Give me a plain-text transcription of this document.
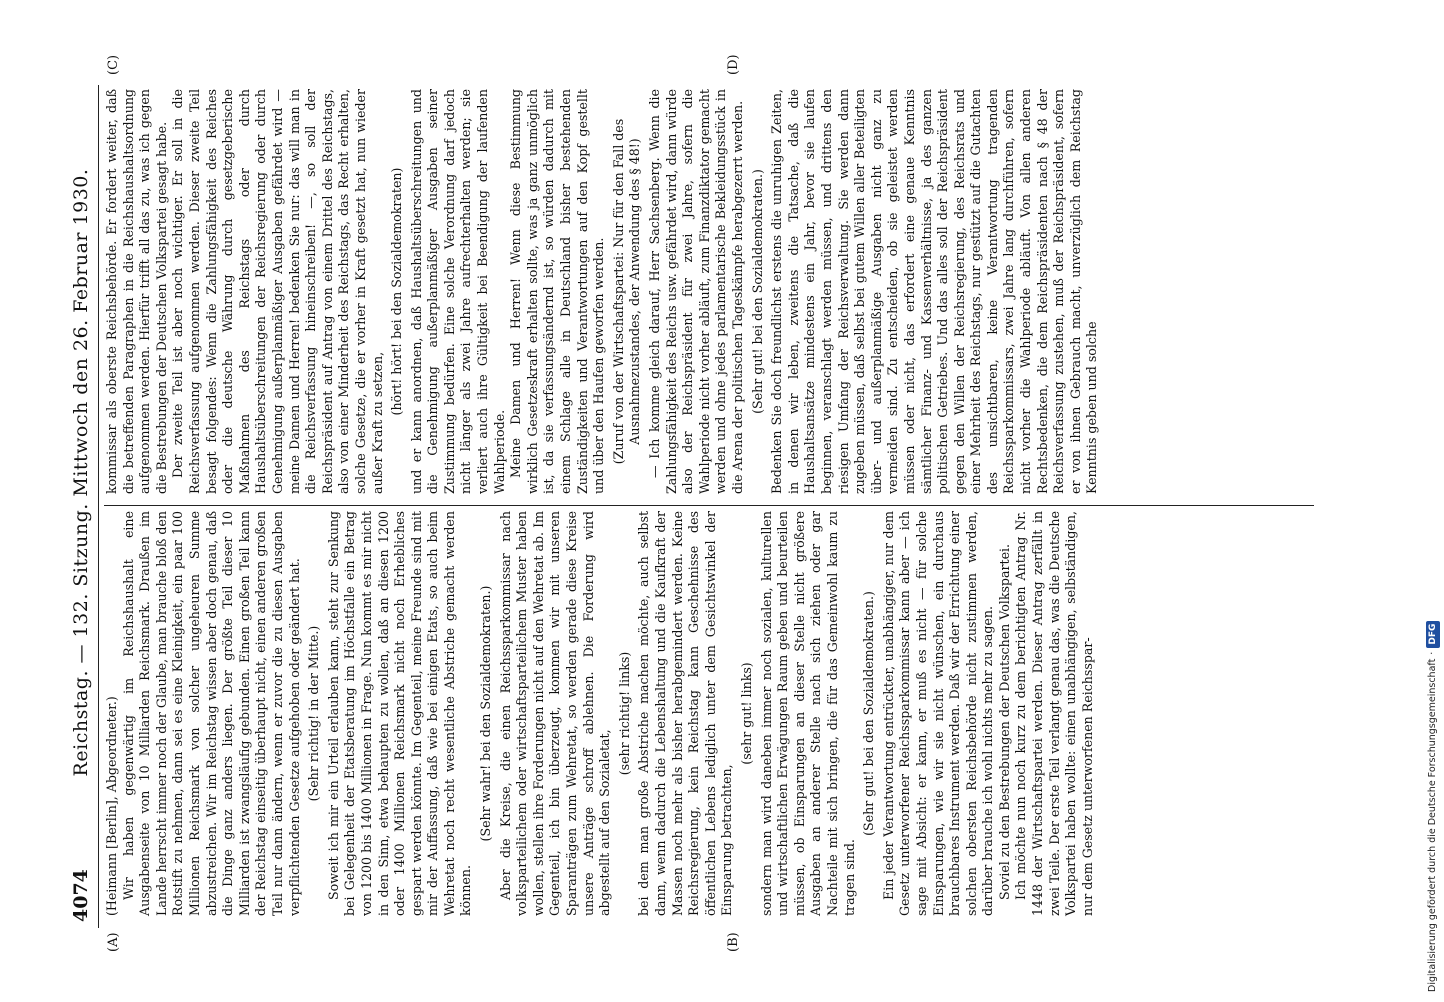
4074
Reichstag. — 132. Sitzung. Mittwoch den 26. Februar 1930.
(A)	(B)
(C)	(D)

(Heimann [Berlin], Abgeordneter.) Wir haben gegenwärtig im Reichshaushalt eine Ausgabenseite von 10 Milliarden Reichsmark. Draußen im Lande herrscht immer noch der Glaube, man brauche bloß den Rotstift zu nehmen, dann sei es eine Kleinigkeit, ein paar 100 Millionen Reichsmark von solcher ungeheuren Summe abzustreichen. Wir im Reichstag wissen aber doch genau, daß die Dinge ganz anders liegen. Der größte Teil dieser 10 Milliarden ist zwangsläufig gebunden. Einen großen Teil kann der Reichstag einseitig überhaupt nicht, einen anderen großen Teil nur dann ändern, wenn er zuvor die zu diesen Ausgaben verpflichtenden Gesetze aufgehoben oder geändert hat. (Sehr richtig! in der Mitte.) Soweit ich mir ein Urteil erlauben kann, steht zur Senkung bei Gelegenheit der Etatsberatung im Höchstfalle ein Betrag von 1200 bis 1400 Millionen in Frage. Nun kommt es mir nicht in den Sinn, etwa behaupten zu wollen, daß an diesen 1200 oder 1400 Millionen Reichsmark nicht noch Erhebliches gespart werden könnte. Im Gegenteil, meine Freunde sind mit mir der Auffassung, daß wie bei einigen Etats, so auch beim Wehretat noch recht wesentliche Abstriche gemacht werden können.

(Sehr wahr! bei den Sozialdemokraten.) Aber die Kreise, die einen Reichssparkommissar nach volksparteilichem oder wirtschaftsparteilichem Muster haben wollen, stellen ihre Forderungen nicht auf den Wehretat ab. Im Gegenteil, ich bin überzeugt, kommen wir mit unseren Sparanträgen zum Wehretat, so werden gerade diese Kreise unsere Anträge schroff ablehnen. Die Forderung wird abgestellt auf den Sozialetat,

(sehr richtig! links) bei dem man große Abstriche machen möchte, auch selbst dann, wenn dadurch die Lebenshaltung und die Kaufkraft der Massen noch mehr als bisher herabgemindert werden. Keine Reichsregierung, kein Reichstag kann Geschehnisse des öffentlichen Lebens lediglich unter dem Gesichtswinkel der Einsparung betrachten,

(sehr gut! links) sondern man wird daneben immer noch sozialen, kulturellen und wirtschaftlichen Erwägungen Raum geben und beurteilen müssen, ob Einsparungen an dieser Stelle nicht größere Ausgaben an anderer Stelle nach sich ziehen oder gar Nachteile mit sich bringen, die für das Gemeinwohl kaum zu tragen sind.

(Sehr gut! bei den Sozialdemokraten.) Ein jeder Verantwortung entrückter, unabhängiger, nur dem Gesetz unterworfener Reichssparkommissar kann aber — ich sage mit Absicht: er kann, er muß es nicht — für solche Einsparungen, wie wir sie nicht wünschen, ein durchaus brauchbares Instrument werden. Daß wir der Errichtung einer solchen obersten Reichsbehörde nicht zustimmen werden, darüber brauche ich wohl nichts mehr zu sagen. Soviel zu den Bestrebungen der Deutschen Volkspartei. Ich möchte nun noch kurz zu dem berichtigten Antrag Nr. 1448 der Wirtschaftspartei werden. Dieser Antrag zerfällt in zwei Teile. Der erste Teil verlangt genau das, was die Deutsche Volkspartei haben wollte: einen unabhängigen, selbständigen, nur dem Gesetz unterworfenen Reichsspar-

kommissar als oberste Reichsbehörde. Er fordert weiter, daß die betreffenden Paragraphen in die Reichshaushaltsordnung aufgenommen werden. Hierfür trifft all das zu, was ich gegen die Bestrebungen der Deutschen Volkspartei gesagt habe. Der zweite Teil ist aber noch wichtiger. Er soll in die Reichsverfassung aufgenommen werden. Dieser zweite Teil besagt folgendes: Wenn die Zahlungsfähigkeit des Reiches oder die deutsche Währung durch gesetzgeberische Maßnahmen des Reichstags oder durch Haushaltsüberschreitungen der Reichsregierung oder durch Genehmigung außerplanmäßiger Ausgaben gefährdet wird — meine Damen und Herren! bedenken Sie nur: das will man in die Reichsverfassung hineinschreiben! —, so soll der Reichspräsident auf Antrag von einem Drittel des Reichstags, also von einer Minderheit des Reichstags, das Recht erhalten, solche Gesetze, die er vorher in Kraft gesetzt hat, nun wieder außer Kraft zu setzen,

(hört! hört! bei den Sozialdemokraten) und er kann anordnen, daß Haushaltsüberschreitungen und die Genehmigung außerplanmäßiger Ausgaben seiner Zustimmung bedürfen. Eine solche Verordnung darf jedoch nicht länger als zwei Jahre aufrechterhalten werden; sie verliert auch ihre Gültigkeit bei Beendigung der laufenden Wahlperiode. Meine Damen und Herren! Wenn diese Bestimmung wirklich Gesetzeskraft erhalten sollte, was ja ganz unmöglich ist, da sie verfassungsändernd ist, so würden dadurch mit einem Schlage alle in Deutschland bisher bestehenden Zuständigkeiten und Verantwortungen auf den Kopf gestellt und über den Haufen geworfen werden. (Zuruf von der Wirtschaftspartei: Nur für den Fall des Ausnahmezustandes, der Anwendung des § 48!) — Ich komme gleich darauf, Herr Sachsenberg. Wenn die Zahlungsfähigkeit des Reichs usw. gefährdet wird, dann würde also der Reichspräsident für zwei Jahre, sofern die Wahlperiode nicht vorher abläuft, zum Finanzdiktator gemacht werden und ohne jedes parlamentarische Bekleidungsstück in die Arena der politischen Tageskämpfe herabgezerrt werden. (Sehr gut! bei den Sozialdemokraten.) Bedenken Sie doch freundlichst erstens die unruhigen Zeiten, in denen wir leben, zweitens die Tatsache, daß die Haushaltsansätze mindestens ein Jahr, bevor sie laufen beginnen, veranschlagt werden müssen, und drittens den riesigen Umfang der Reichsverwaltung. Sie werden dann zugeben müssen, daß selbst bei gutem Willen aller Beteiligten über- und außerplanmäßige Ausgaben nicht ganz zu vermeiden sind. Zu entscheiden, ob sie geleistet werden müssen oder nicht, das erfordert eine genaue Kenntnis sämtlicher Finanz- und Kassenverhältnisse, ja des ganzen politischen Getriebes. Und das alles soll der Reichspräsident gegen den Willen der Reichsregierung, des Reichsrats und einer Mehrheit des Reichstags, nur gestützt auf die Gutachten des unsichtbaren, keine Verantwortung tragenden Reichssparkommissars, zwei Jahre lang durchführen, sofern nicht vorher die Wahlperiode abläuft. Von allen anderen Rechtsbedenken, die dem Reichspräsidenten nach § 48 der Reichsverfassung zustehen, muß der Reichspräsident, sofern er von ihnen Gebrauch macht, unverzüglich dem Reichstag Kenntnis geben und solche

Digitalisierung gefördert durch die Deutsche Forschungsgemeinschaft
·
DFG
